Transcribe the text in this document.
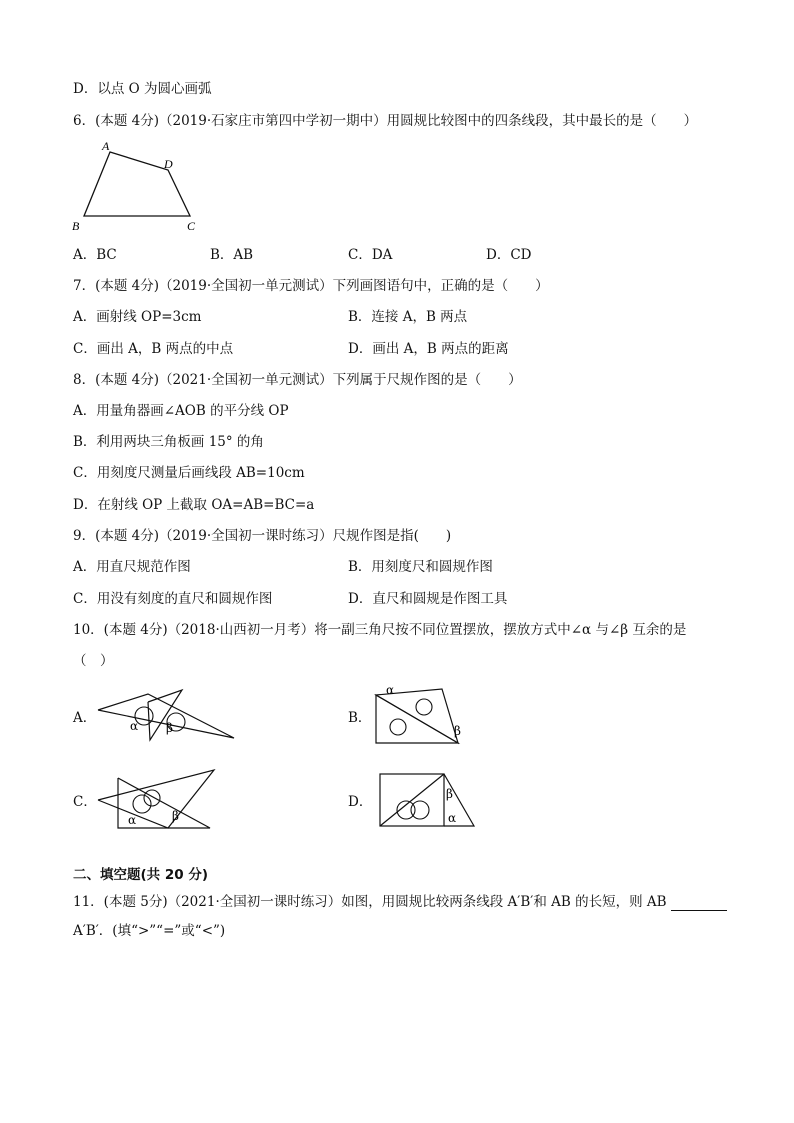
D．以点 O 为圆心画弧
6．(本题 4分)（2019·石家庄市第四中学初一期中）用圆规比较图中的四条线段，其中最长的是（　　）
A
D
B	C
A．BC	B．AB	C．DA	D．CD
7．(本题 4分)（2019·全国初一单元测试）下列画图语句中，正确的是（　　）
A．画射线 OP=3cm	B．连接 A，B 两点
C．画出 A，B 两点的中点	D．画出 A，B 两点的距离
8．(本题 4分)（2021·全国初一单元测试）下列属于尺规作图的是（　　）
A．用量角器画∠AOB 的平分线 OP
B．利用两块三角板画 15° 的角
C．用刻度尺测量后画线段 AB=10cm
D．在射线 OP 上截取 OA=AB=BC=a
9．(本题 4分)（2019·全国初一课时练习）尺规作图是指(　　)
A．用直尺规范作图	B．用刻度尺和圆规作图
C．用没有刻度的直尺和圆规作图	D．直尺和圆规是作图工具
10．(本题 4分)（2018·山西初一月考）将一副三角尺按不同位置摆放，摆放方式中∠α 与∠β 互余的是
（　）
A．	α β
B．
α
β
C．
α	β
D．	β
α
二、填空题(共 20 分)
11．(本题 5分)（2021·全国初一课时练习）如图，用圆规比较两条线段 A′B′和 AB 的长短，则 AB
A′B′．(填“>”“=”或“<”)
